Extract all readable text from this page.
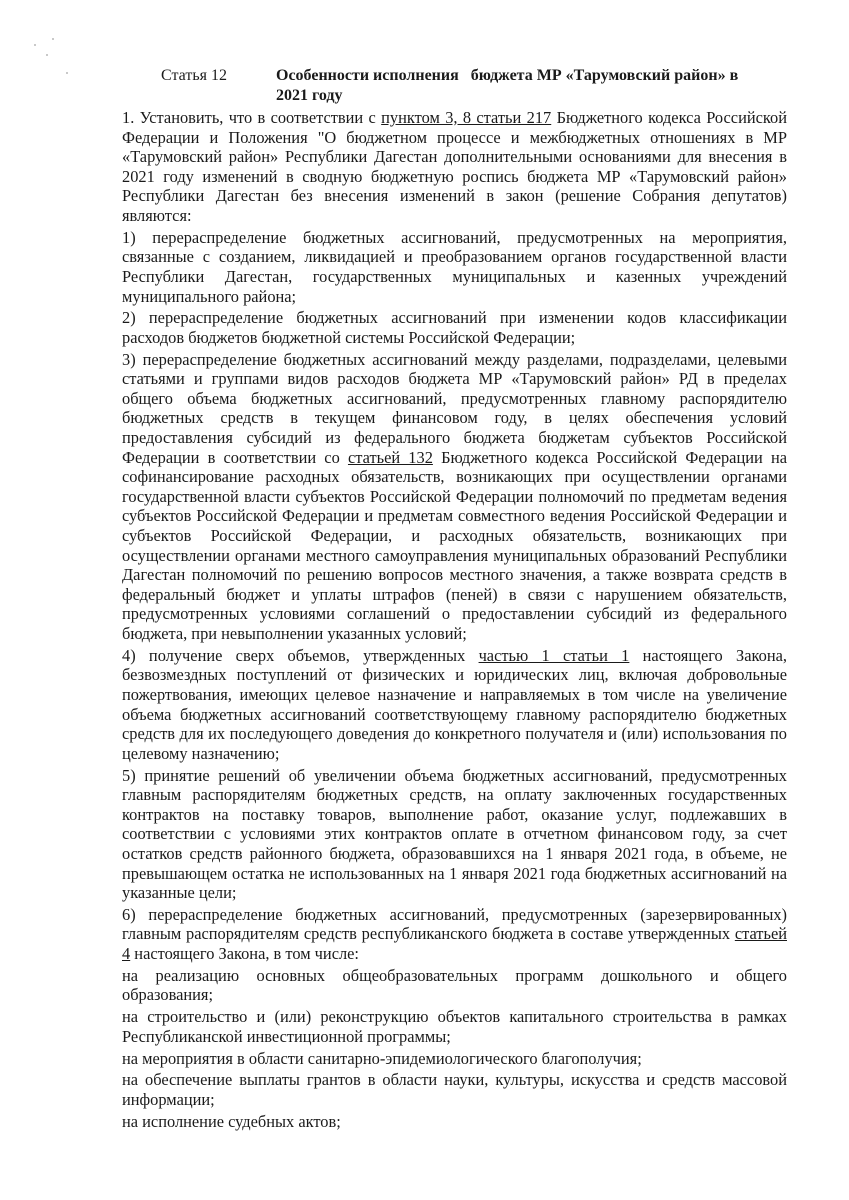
Статья 12	Особенности исполнения   бюджета МР «Тарумовский район» в
2021 году

1. Установить, что в соответствии с пунктом 3, 8 статьи 217 Бюджетного кодекса Российской Федерации и Положения "О бюджетном процессе и межбюджетных отношениях в МР «Тарумовский район» Республики Дагестан дополнительными основаниями для внесения в 2021 году изменений в сводную бюджетную роспись бюджета МР «Тарумовский район» Республики Дагестан без внесения изменений в закон (решение Собрания депутатов) являются:

1) перераспределение бюджетных ассигнований, предусмотренных на мероприятия, связанные с созданием, ликвидацией и преобразованием органов государственной власти Республики Дагестан, государственных муниципальных и казенных учреждений муниципального района;

2) перераспределение бюджетных ассигнований при изменении кодов классификации расходов бюджетов бюджетной системы Российской Федерации;

3) перераспределение бюджетных ассигнований между разделами, подразделами, целевыми статьями и группами видов расходов бюджета МР «Тарумовский район» РД в пределах общего объема бюджетных ассигнований, предусмотренных главному распорядителю бюджетных средств в текущем финансовом году, в целях обеспечения условий предоставления субсидий из федерального бюджета бюджетам субъектов Российской Федерации в соответствии со статьей 132 Бюджетного кодекса Российской Федерации на софинансирование расходных обязательств, возникающих при осуществлении органами государственной власти субъектов Российской Федерации полномочий по предметам ведения субъектов Российской Федерации и предметам совместного ведения Российской Федерации и субъектов Российской Федерации, и расходных обязательств, возникающих при осуществлении органами местного самоуправления муниципальных образований Республики Дагестан полномочий по решению вопросов местного значения, а также возврата средств в федеральный бюджет и уплаты штрафов (пеней) в связи с нарушением обязательств, предусмотренных условиями соглашений о предоставлении субсидий из федерального бюджета, при невыполнении указанных условий;

4) получение сверх объемов, утвержденных частью 1 статьи 1 настоящего Закона, безвозмездных поступлений от физических и юридических лиц, включая добровольные пожертвования, имеющих целевое назначение и направляемых в том числе на увеличение объема бюджетных ассигнований соответствующему главному распорядителю бюджетных средств для их последующего доведения до конкретного получателя и (или) использования по целевому назначению;

5) принятие решений об увеличении объема бюджетных ассигнований, предусмотренных главным распорядителям бюджетных средств, на оплату заключенных государственных контрактов на поставку товаров, выполнение работ, оказание услуг, подлежавших в соответствии с условиями этих контрактов оплате в отчетном финансовом году, за счет остатков средств районного бюджета, образовавшихся на 1 января 2021 года, в объеме, не превышающем остатка не использованных на 1 января 2021 года бюджетных ассигнований на указанные цели;

6) перераспределение бюджетных ассигнований, предусмотренных (зарезервированных) главным распорядителям средств республиканского бюджета в составе утвержденных статьей 4 настоящего Закона, в том числе:

на реализацию основных общеобразовательных программ дошкольного и общего образования;

на строительство и (или) реконструкцию объектов капитального строительства в рамках Республиканской инвестиционной программы;

на мероприятия в области санитарно-эпидемиологического благополучия;

на обеспечение выплаты грантов в области науки, культуры, искусства и средств массовой информации;

на исполнение судебных актов;
